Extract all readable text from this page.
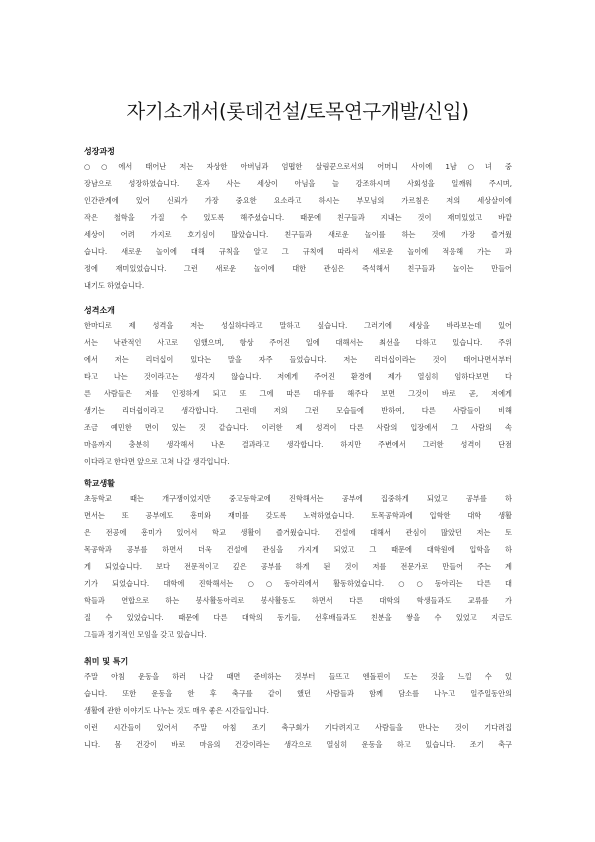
자기소개서(롯데건설/토목연구개발/신입)
성장과정
○○에서 태어난 저는 자상한 아버님과 엄뗩한 살림꾼으로서의 어머니 사이에 1남○녀 중
장남으로 성장하였습니다. 혼자 사는 세상이 아님을 늘 강조하시며 사회성을 일깨워 주시며,
인간관계에 있어 신뢰가 가장 중요한 요소라고 하시는 부모님의 가르침은 저의 세상살이에
작은 철학을 가질 수 있도록 해주셨습니다. 때문에 친구들과 지내는 것이 재미있었고 바깥
세상이 어려 가지로 호기심이 많았습니다. 친구들과 새로운 놀이를 하는 것에 가장 즐거웠
습니다. 새로운 놀이에 대해 규칙을 알고 그 규칙에 따라서 새로운 놀이에 적응해 가는 과
정에 재미있었습니다. 그런 새로운 놀이에 대한 관심은 즉석해서 친구들과 놀이는 만들어
내기도 하였습니다.
성격소개
한마디로 제 성격을 저는 성실하다라고 말하고 싶습니다. 그러기에 세상을 바라보는데 있어
서는 낙관적인 사고로 임했으며, 항상 주어진 일에 대해서는 최선을 다하고 있습니다. 주위
에서 저는 리더십이 있다는 말을 자주 들었습니다. 저는 리더십이라는 것이 태어나면서부터
타고 나는 것이라고는 생각지 않습니다. 저에게 주어진 환경에 제가 열심히 임하다보면 다
른 사람들은 저를 인정하게 되고 또 그에 따른 대우를 해주다 보면 그것이 바로 곧, 저에게
생기는 리더쉽이라고 생각합니다. 그런데 저의 그런 모습들에 반하여, 다른 사람들이 비해
조금 예민한 면이 있는 것 같습니다. 이러한 제 성격이 다른 사람의 입장에서 그 사람의 속
마음까지 충분히 생각해서 나온 결과라고 생각합니다. 하지만 주변에서 그러한 성격이 단점
이다라고 한다면 앞으로 고쳐 나갈 생각입니다.
학교생활
초등학교 때는 개구쟁이었지만 중고등학교에 진학해서는 공부에 집중하게 되었고 공부를 하
면서는 또 공부에도 흥미와 재미를 갖도록 노력하였습니다. 토목공학과에 입학한 대학 생활
은 전공에 흥미가 있어서 학교 생활이 즐거웠습니다. 건설에 대해서 관심이 많았던 저는 토
목공학과 공부를 하면서 더욱 건설에 관심을 가지게 되었고 그 때문에 대학원에 입학을 하
게 되었습니다. 보다 전문적이고 깊은 공부를 하게 된 것이 저를 전문가로 만들어 주는 계
기가 되었습니다. 대학에 진학해서는 ○○동아리에서 활동하였습니다. ○○동아리는 다른 대
학들과 연합으로 하는 봉사활동아리로 봉사활동도 하면서 다른 대학의 학생들과도 교류를 가
질 수 있었습니다. 때문에 다른 대학의 동기들, 선후배들과도 친분을 쌓을 수 있었고 지금도
그들과 정기적인 모임을 갖고 있습니다.
취미 및 특기
주말 아침 운동을 하러 나갈 때면 준비하는 것부터 들뜨고 엔돌핀이 도는 것을 느낄 수 있
습니다. 또한 운동을 한 후 축구를 같이 했던 사람들과 함께 담소를 나누고 일주일동안의
생활에 관한 이야기도 나누는 것도 매우 좋은 시간들입니다.
이런 시간들이 있어서 주말 아침 조기 축구회가 기다려지고 사람들을 만나는 것이 기다려집
니다. 몸 건강이 바로 마음의 건강이라는 생각으로 열심히 운동을 하고 있습니다. 조기 축구
